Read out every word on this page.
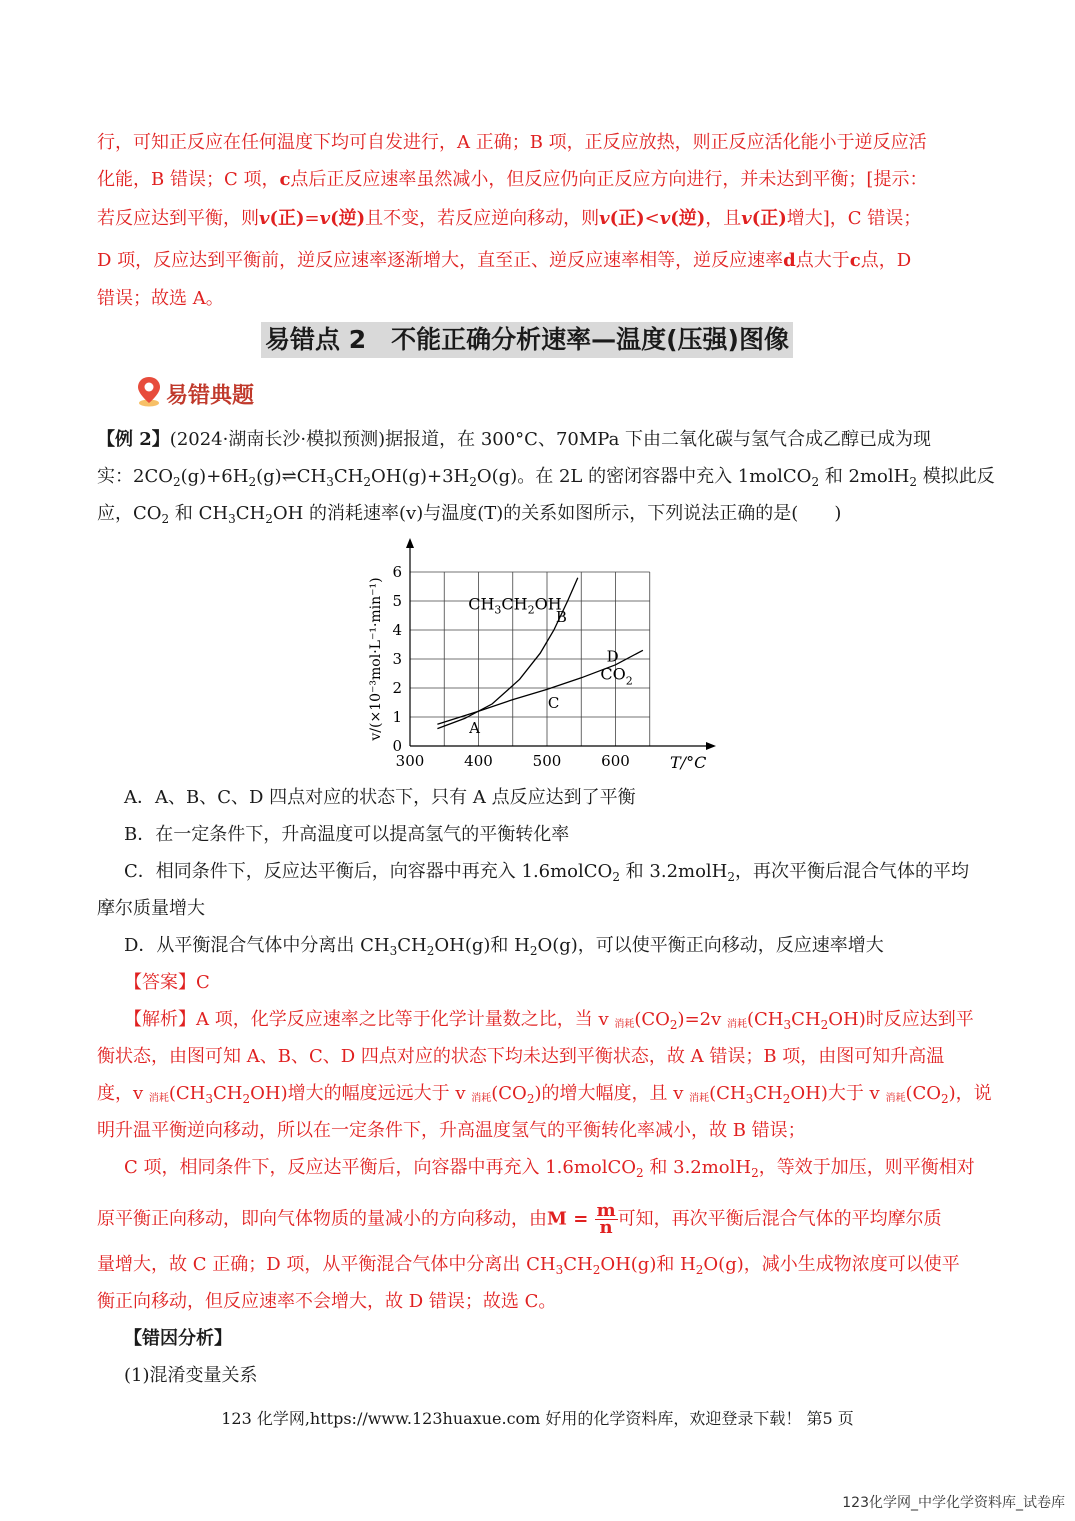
行，可知正反应在任何温度下均可自发进行，A 正确；B 项，正反应放热，则正反应活化能小于逆反应活
化能，B 错误；C 项，c点后正反应速率虽然减小，但反应仍向正反应方向进行，并未达到平衡；[提示：
若反应达到平衡，则v(正)=v(逆)且不变，若反应逆向移动，则v(正)<v(逆)，且v(正)增大]，C 错误；
D 项，反应达到平衡前，逆反应速率逐渐增大，直至正、逆反应速率相等，逆反应速率d点大于c点，D
错误；故选 A。
易错点 2　不能正确分析速率—温度(压强)图像
易错典题
【例 2】(2024·湖南长沙·模拟预测)据报道，在 300°C、70MPa 下由二氧化碳与氢气合成乙醇已成为现
实：$2CO_2(g)+6H_2(g)\rightleftharpoons CH_3CH_2OH(g)+3H_2O(g)$。在 2L 的密闭容器中充入 1molCO$_2$ 和 2molH$_2$ 模拟此反
应，$CO_2$ 和 $CH_3CH_2OH$ 的消耗速率(v)与温度(T)的关系如图所示，下列说法正确的是(　　)
300	400	500	600
0
1
2
3
4
5
6
T/°C
v/(×10⁻³mol·L⁻¹·min⁻¹)	$CH_3CH_2OH$
$CO_2$
A
B
C
D
A．A、B、C、D 四点对应的状态下，只有 A 点反应达到了平衡
B．在一定条件下，升高温度可以提高氢气的平衡转化率
C．相同条件下，反应达平衡后，向容器中再充入 1.6molCO$_2$ 和 3.2molH$_2$，再次平衡后混合气体的平均
摩尔质量增大
D．从平衡混合气体中分离出 $CH_3CH_2OH(g)$和 $H_2O(g)$，可以使平衡正向移动，反应速率增大
【答案】C
【解析】A 项，化学反应速率之比等于化学计量数之比，当 v $_{消耗}(CO_2)=2v$ $_{消耗}(CH_3CH_2OH)$时反应达到平
衡状态，由图可知 A、B、C、D 四点对应的状态下均未达到平衡状态，故 A 错误；B 项，由图可知升高温
度，v $_{消耗}(CH_3CH_2OH)$增大的幅度远远大于 v $_{消耗}(CO_2)$的增大幅度，且 v $_{消耗}(CH_3CH_2OH)$大于 v $_{消耗}(CO_2)$，说
明升温平衡逆向移动，所以在一定条件下，升高温度氢气的平衡转化率减小，故 B 错误；
C 项，相同条件下，反应达平衡后，向容器中再充入 1.6molCO$_2$ 和 3.2molH$_2$，等效于加压，则平衡相对
原平衡正向移动，即向气体物质的量减小的方向移动，由$M = \frac{m}{n}$ 可知，再次平衡后混合气体的平均摩尔质
量增大，故 C 正确；D 项，从平衡混合气体中分离出 $CH_3CH_2OH(g)$和 $H_2O(g)$，减小生成物浓度可以使平
衡正向移动，但反应速率不会增大，故 D 错误；故选 C。
【错因分析】
(1)混淆变量关系
123 化学网,https://www.123huaxue.com 好用的化学资料库，欢迎登录下载！ 第5 页
123化学网_中学化学资料库_试卷库
